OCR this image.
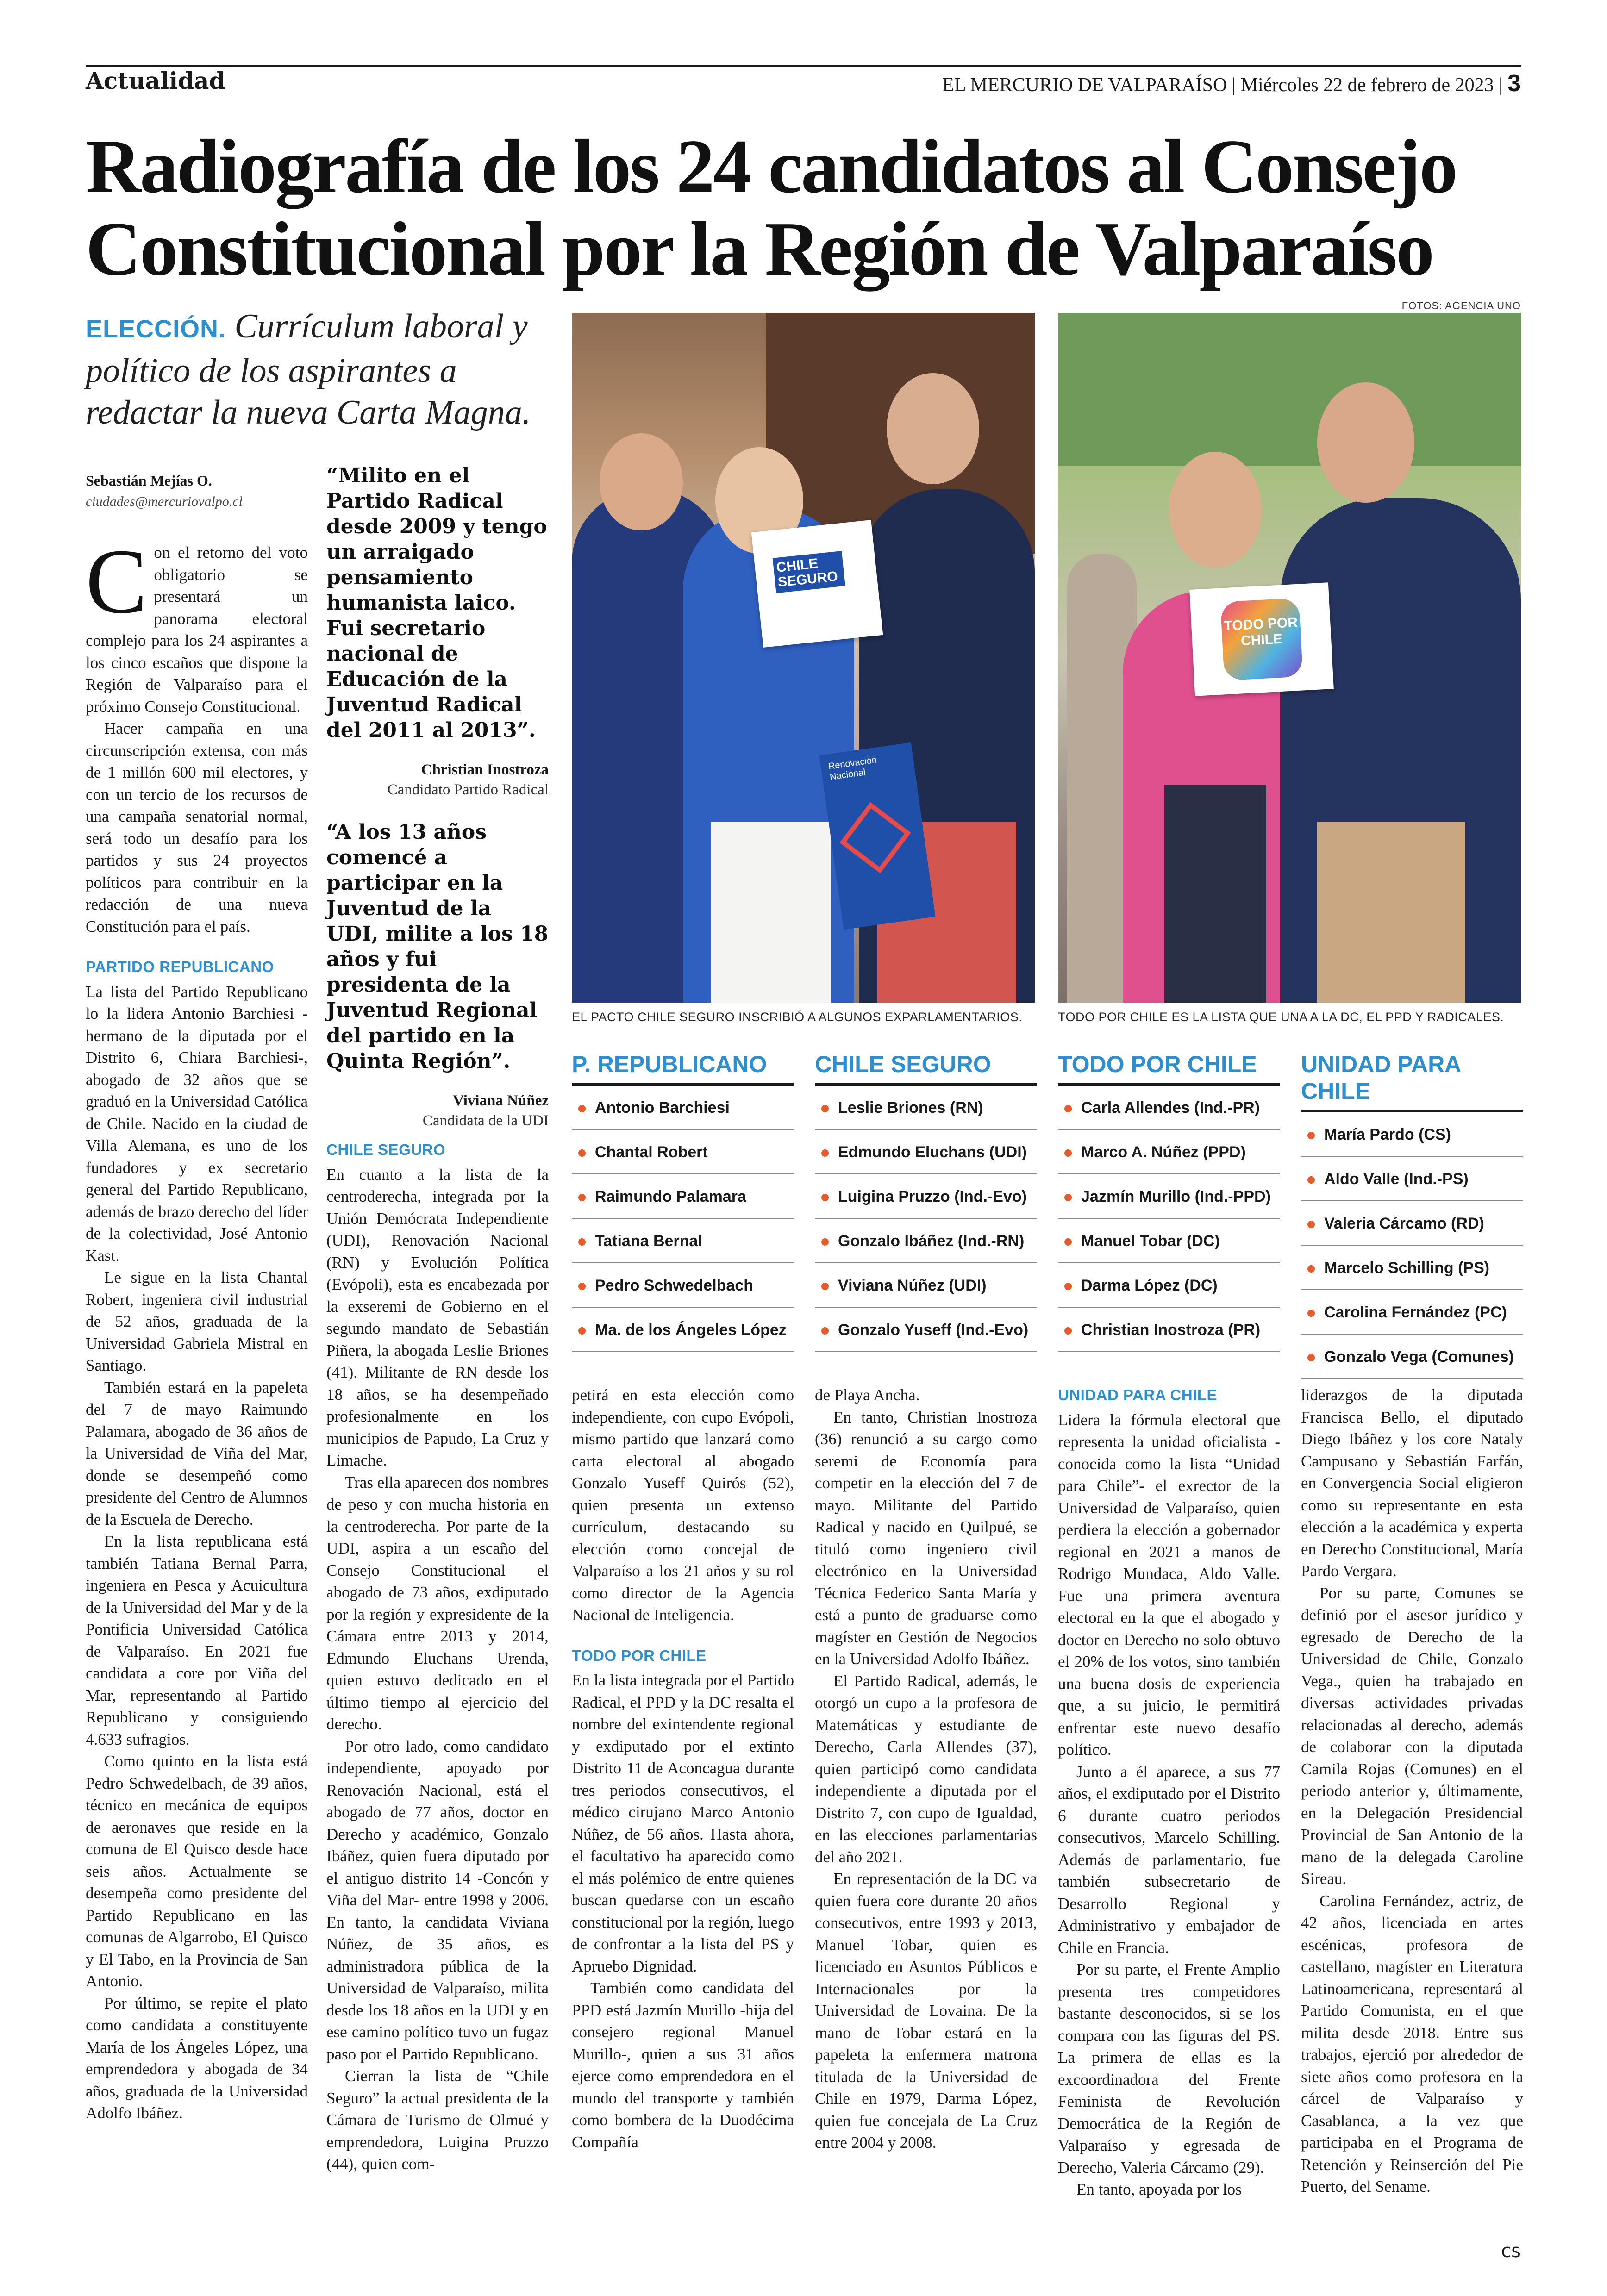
Actualidad	EL MERCURIO DE VALPARAÍSO | Miércoles 22 de febrero de 2023 | 3
Radiografía de los 24 candidatos al Consejo Constitucional por la Región de Valparaíso
ELECCIÓN. Currículum laboral y político de los aspirantes a redactar la nueva Carta Magna.
Sebastián Mejías O.
ciudades@mercuriovalpo.cl

Con el retorno del voto obligatorio se presentará un panorama electoral complejo para los 24 aspirantes a los cinco escaños que dispone la Región de Valparaíso para el próximo Consejo Constitucional.

Hacer campaña en una circunscripción extensa, con más de 1 millón 600 mil electores, y con un tercio de los recursos de una campaña senatorial normal, será todo un desafío para los partidos y sus 24 proyectos políticos para contribuir en la redacción de una nueva Constitución para el país.

PARTIDO REPUBLICANO

La lista del Partido Republicano lo la lidera Antonio Barchiesi -hermano de la diputada por el Distrito 6, Chiara Barchiesi-, abogado de 32 años que se graduó en la Universidad Católica de Chile. Nacido en la ciudad de Villa Alemana, es uno de los fundadores y ex secretario general del Partido Republicano, además de brazo derecho del líder de la colectividad, José Antonio Kast.

Le sigue en la lista Chantal Robert, ingeniera civil industrial de 52 años, graduada de la Universidad Gabriela Mistral en Santiago.

También estará en la papeleta del 7 de mayo Raimundo Palamara, abogado de 36 años de la Universidad de Viña del Mar, donde se desempeñó como presidente del Centro de Alumnos de la Escuela de Derecho.

En la lista republicana está también Tatiana Bernal Parra, ingeniera en Pesca y Acuicultura de la Universidad del Mar y de la Pontificia Universidad Católica de Valparaíso. En 2021 fue candidata a core por Viña del Mar, representando al Partido Republicano y consiguiendo 4.633 sufragios.

Como quinto en la lista está Pedro Schwedelbach, de 39 años, técnico en mecánica de equipos de aeronaves que reside en la comuna de El Quisco desde hace seis años. Actualmente se desempeña como presidente del Partido Republicano en las comunas de Algarrobo, El Quisco y El Tabo, en la Provincia de San Antonio.

Por último, se repite el plato como candidata a constituyente María de los Ángeles López, una emprendedora y abogada de 34 años, graduada de la Universidad Adolfo Ibáñez.

“Milito en el Partido Radical desde 2009 y tengo un arraigado pensamiento humanista laico. Fui secretario nacional de Educación de la Juventud Radical del 2011 al 2013”.
Christian Inostroza
Candidato Partido Radical
“A los 13 años comencé a participar en la Juventud de la UDI, milite a los 18 años y fui presidenta de la Juventud Regional del partido en la Quinta Región”.
Viviana Núñez
Candidata de la UDI
CHILE SEGURO

En cuanto a la lista de la centroderecha, integrada por la Unión Demócrata Independiente (UDI), Renovación Nacional (RN) y Evolución Política (Evópoli), esta es encabezada por la exseremi de Gobierno en el segundo mandato de Sebastián Piñera, la abogada Leslie Briones (41). Militante de RN desde los 18 años, se ha desempeñado profesionalmente en los municipios de Papudo, La Cruz y Limache.

Tras ella aparecen dos nombres de peso y con mucha historia en la centroderecha. Por parte de la UDI, aspira a un escaño del Consejo Constitucional el abogado de 73 años, exdiputado por la región y expresidente de la Cámara entre 2013 y 2014, Edmundo Eluchans Urenda, quien estuvo dedicado en el último tiempo al ejercicio del derecho.

Por otro lado, como candidato independiente, apoyado por Renovación Nacional, está el abogado de 77 años, doctor en Derecho y académico, Gonzalo Ibáñez, quien fuera diputado por el antiguo distrito 14 -Concón y Viña del Mar- entre 1998 y 2006. En tanto, la candidata Viviana Núñez, de 35 años, es administradora pública de la Universidad de Valparaíso, milita desde los 18 años en la UDI y en ese camino político tuvo un fugaz paso por el Partido Republicano.

Cierran la lista de “Chile Seguro” la actual presidenta de la Cámara de Turismo de Olmué y emprendedora, Luigina Pruzzo (44), quien com-

FOTOS: AGENCIA UNO
CHILE SEGURO
Renovación Nacional
EL PACTO CHILE SEGURO INSCRIBIÓ A ALGUNOS EXPARLAMENTARIOS.
TODO POR CHILE
TODO POR CHILE ES LA LISTA QUE UNA A LA DC, EL PPD Y RADICALES.
P. REPUBLICANO
Antonio Barchiesi
Chantal Robert
Raimundo Palamara
Tatiana Bernal
Pedro Schwedelbach
Ma. de los Ángeles López
CHILE SEGURO
Leslie Briones (RN)
Edmundo Eluchans (UDI)
Luigina Pruzzo (Ind.-Evo)
Gonzalo Ibáñez (Ind.-RN)
Viviana Núñez (UDI)
Gonzalo Yuseff (Ind.-Evo)
TODO POR CHILE
Carla Allendes (Ind.-PR)
Marco A. Núñez (PPD)
Jazmín Murillo (Ind.-PPD)
Manuel Tobar (DC)
Darma López (DC)
Christian Inostroza (PR)
UNIDAD PARA CHILE
María Pardo (CS)
Aldo Valle (Ind.-PS)
Valeria Cárcamo (RD)
Marcelo Schilling (PS)
Carolina Fernández (PC)
Gonzalo Vega (Comunes)

petirá en esta elección como independiente, con cupo Evópoli, mismo partido que lanzará como carta electoral al abogado Gonzalo Yuseff Quirós (52), quien presenta un extenso currículum, destacando su elección como concejal de Valparaíso a los 21 años y su rol como director de la Agencia Nacional de Inteligencia.

TODO POR CHILE

En la lista integrada por el Partido Radical, el PPD y la DC resalta el nombre del exintendente regional y exdiputado por el extinto Distrito 11 de Aconcagua durante tres periodos consecutivos, el médico cirujano Marco Antonio Núñez, de 56 años. Hasta ahora, el facultativo ha aparecido como el más polémico de entre quienes buscan quedarse con un escaño constitucional por la región, luego de confrontar a la lista del PS y Apruebo Dignidad.

También como candidata del PPD está Jazmín Murillo -hija del consejero regional Manuel Murillo-, quien a sus 31 años ejerce como emprendedora en el mundo del transporte y también como bombera de la Duodécima Compañía

de Playa Ancha.

En tanto, Christian Inostroza (36) renunció a su cargo como seremi de Economía para competir en la elección del 7 de mayo. Militante del Partido Radical y nacido en Quilpué, se tituló como ingeniero civil electrónico en la Universidad Técnica Federico Santa María y está a punto de graduarse como magíster en Gestión de Negocios en la Universidad Adolfo Ibáñez.

El Partido Radical, además, le otorgó un cupo a la profesora de Matemáticas y estudiante de Derecho, Carla Allendes (37), quien participó como candidata independiente a diputada por el Distrito 7, con cupo de Igualdad, en las elecciones parlamentarias del año 2021.

En representación de la DC va quien fuera core durante 20 años consecutivos, entre 1993 y 2013, Manuel Tobar, quien es licenciado en Asuntos Públicos e Internacionales por la Universidad de Lovaina. De la mano de Tobar estará en la papeleta la enfermera matrona titulada de la Universidad de Chile en 1979, Darma López, quien fue concejala de La Cruz entre 2004 y 2008.

UNIDAD PARA CHILE

Lidera la fórmula electoral que representa la unidad oficialista -conocida como la lista “Unidad para Chile”- el exrector de la Universidad de Valparaíso, quien perdiera la elección a gobernador regional en 2021 a manos de Rodrigo Mundaca, Aldo Valle. Fue una primera aventura electoral en la que el abogado y doctor en Derecho no solo obtuvo el 20% de los votos, sino también una buena dosis de experiencia que, a su juicio, le permitirá enfrentar este nuevo desafío político.

Junto a él aparece, a sus 77 años, el exdiputado por el Distrito 6 durante cuatro periodos consecutivos, Marcelo Schilling. Además de parlamentario, fue también subsecretario de Desarrollo Regional y Administrativo y embajador de Chile en Francia.

Por su parte, el Frente Amplio presenta tres competidores bastante desconocidos, si se los compara con las figuras del PS. La primera de ellas es la excoordinadora del Frente Feminista de Revolución Democrática de la Región de Valparaíso y egresada de Derecho, Valeria Cárcamo (29).

En tanto, apoyada por los

liderazgos de la diputada Francisca Bello, el diputado Diego Ibáñez y los core Nataly Campusano y Sebastián Farfán, en Convergencia Social eligieron como su representante en esta elección a la académica y experta en Derecho Constitucional, María Pardo Vergara.

Por su parte, Comunes se definió por el asesor jurídico y egresado de Derecho de la Universidad de Chile, Gonzalo Vega., quien ha trabajado en diversas actividades privadas relacionadas al derecho, además de colaborar con la diputada Camila Rojas (Comunes) en el periodo anterior y, últimamente, en la Delegación Presidencial Provincial de San Antonio de la mano de la delegada Caroline Sireau.

Carolina Fernández, actriz, de 42 años, licenciada en artes escénicas, profesora de castellano, magíster en Literatura Latinoamericana, representará al Partido Comunista, en el que milita desde 2018. Entre sus trabajos, ejerció por alrededor de siete años como profesora en la cárcel de Valparaíso y Casablanca, a la vez que participaba en el Programa de Retención y Reinserción del Pie Puerto, del Sename.

cs
